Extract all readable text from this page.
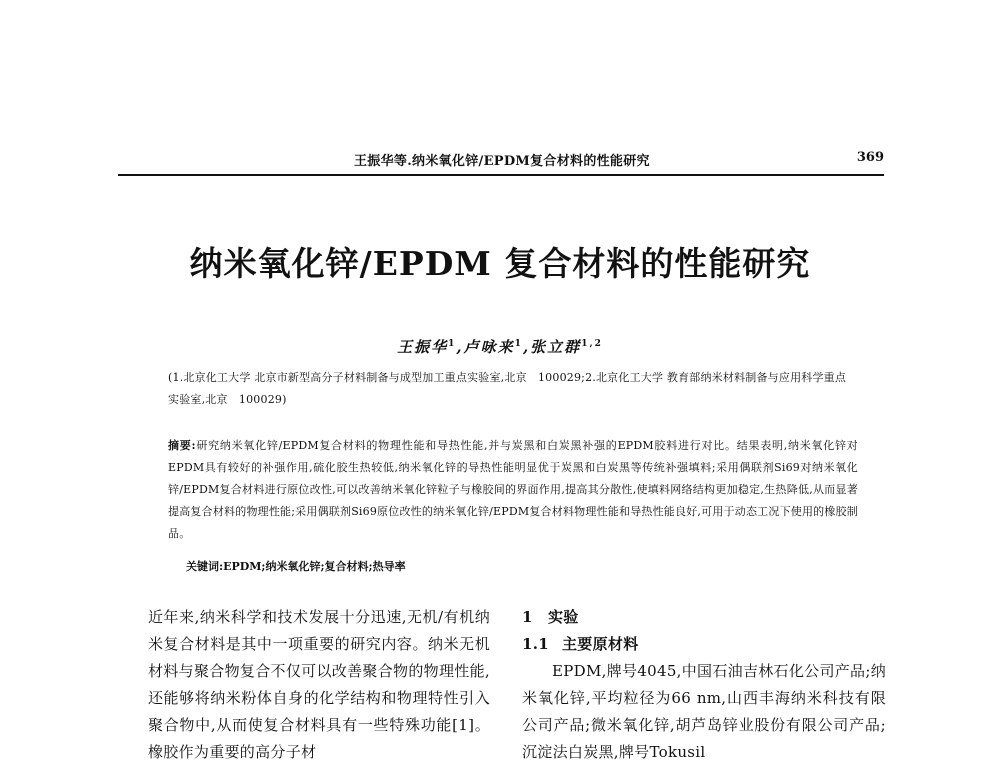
王振华等.纳米氧化锌/EPDM复合材料的性能研究	369
纳米氧化锌/EPDM 复合材料的性能研究
王振华$^1$,卢咏来$^1$,张立群$^{1,2}$
(1.北京化工大学 北京市新型高分子材料制备与成型加工重点实验室,北京　100029;2.北京化工大学 教育部纳米材料制备与应用科学重点实验室,北京　100029)
摘要:研究纳米氧化锌/EPDM复合材料的物理性能和导热性能,并与炭黑和白炭黑补强的EPDM胶料进行对比。结果表明,纳米氧化锌对EPDM具有较好的补强作用,硫化胶生热较低,纳米氧化锌的导热性能明显优于炭黑和白炭黑等传统补强填料;采用偶联剂Si69对纳米氧化锌/EPDM复合材料进行原位改性,可以改善纳米氧化锌粒子与橡胶间的界面作用,提高其分散性,使填料网络结构更加稳定,生热降低,从而显著提高复合材料的物理性能;采用偶联剂Si69原位改性的纳米氧化锌/EPDM复合材料物理性能和导热性能良好,可用于动态工况下使用的橡胶制品。
关键词:EPDM;纳米氧化锌;复合材料;热导率
近年来,纳米科学和技术发展十分迅速,无机/有机纳米复合材料是其中一项重要的研究内容。纳米无机材料与聚合物复合不仅可以改善聚合物的物理性能,还能够将纳米粉体自身的化学结构和物理特性引入聚合物中,从而使复合材料具有一些特殊功能[1]。橡胶作为重要的高分子材
1 实验
1.1 主要原材料
EPDM,牌号4045,中国石油吉林石化公司产品;纳米氧化锌,平均粒径为66 nm,山西丰海纳米科技有限公司产品;微米氧化锌,胡芦岛锌业股份有限公司产品;沉淀法白炭黑,牌号Tokusil
